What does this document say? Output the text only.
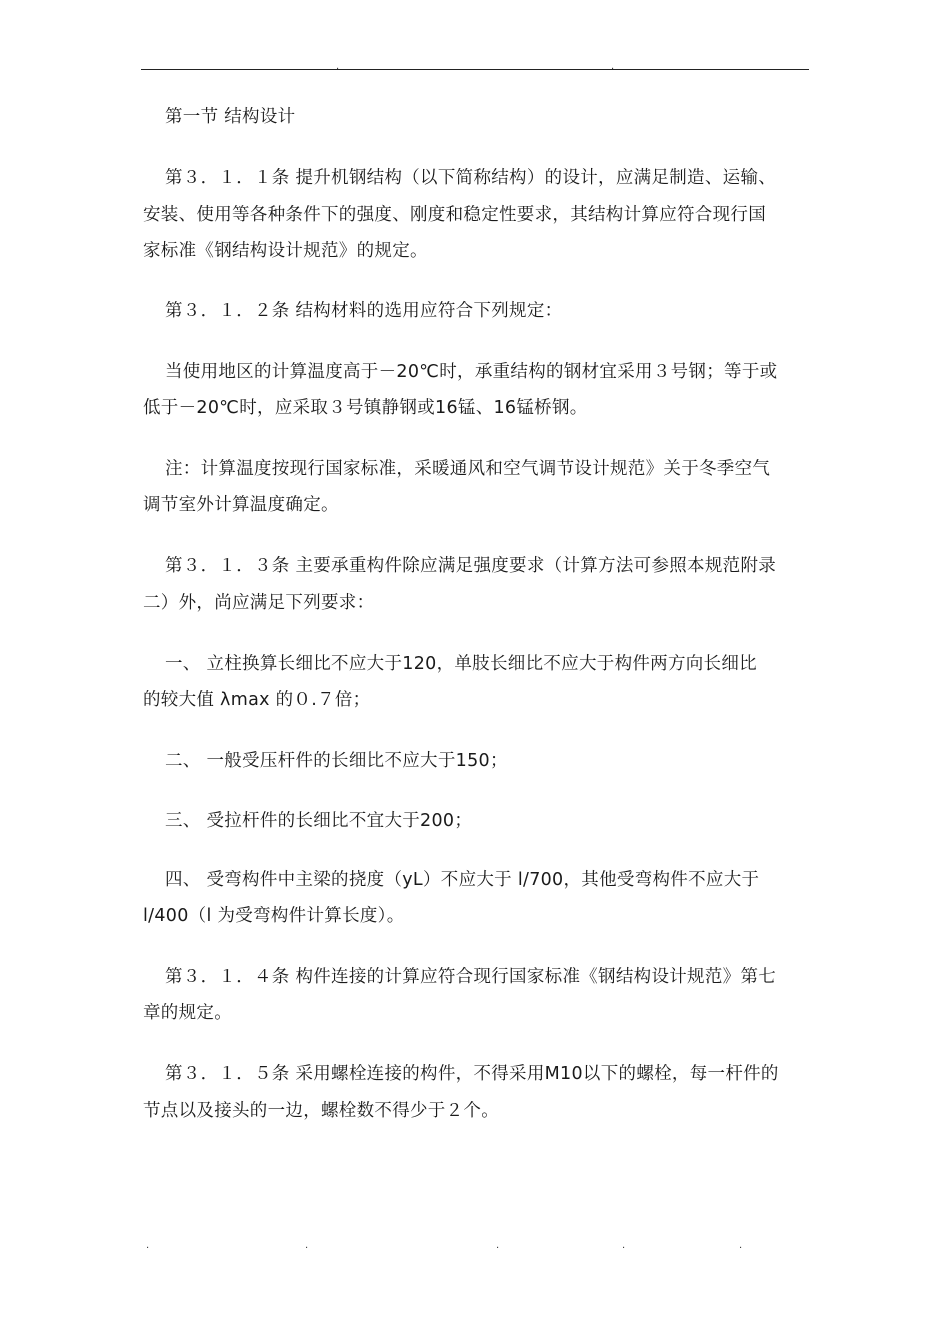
.	.
第一节 结构设计
第３．１．１条 提升机钢结构（以下简称结构）的设计，应满足制造、运输、
安装、使用等各种条件下的强度、刚度和稳定性要求，其结构计算应符合现行国
家标准《钢结构设计规范》的规定。
第３．１．２条 结构材料的选用应符合下列规定：
当使用地区的计算温度高于－20℃时，承重结构的钢材宜采用３号钢；等于或
低于－20℃时，应采取３号镇静钢或16锰、16锰桥钢。
注：计算温度按现行国家标准，采暖通风和空气调节设计规范》关于冬季空气
调节室外计算温度确定。
第３．１．３条 主要承重构件除应满足强度要求（计算方法可参照本规范附录
二）外，尚应满足下列要求：
一、 立柱换算长细比不应大于120，单肢长细比不应大于构件两方向长细比
的较大值 λmax 的０.７倍；
二、 一般受压杆件的长细比不应大于150；
三、 受拉杆件的长细比不宜大于200；
四、 受弯构件中主梁的挠度（yL）不应大于 l/700，其他受弯构件不应大于
l/400（l 为受弯构件计算长度）。
第３．１．４条 构件连接的计算应符合现行国家标准《钢结构设计规范》第七
章的规定。
第３．１．５条 采用螺栓连接的构件，不得采用M10以下的螺栓，每一杆件的
节点以及接头的一边，螺栓数不得少于２个。
.	.	.	.	.
